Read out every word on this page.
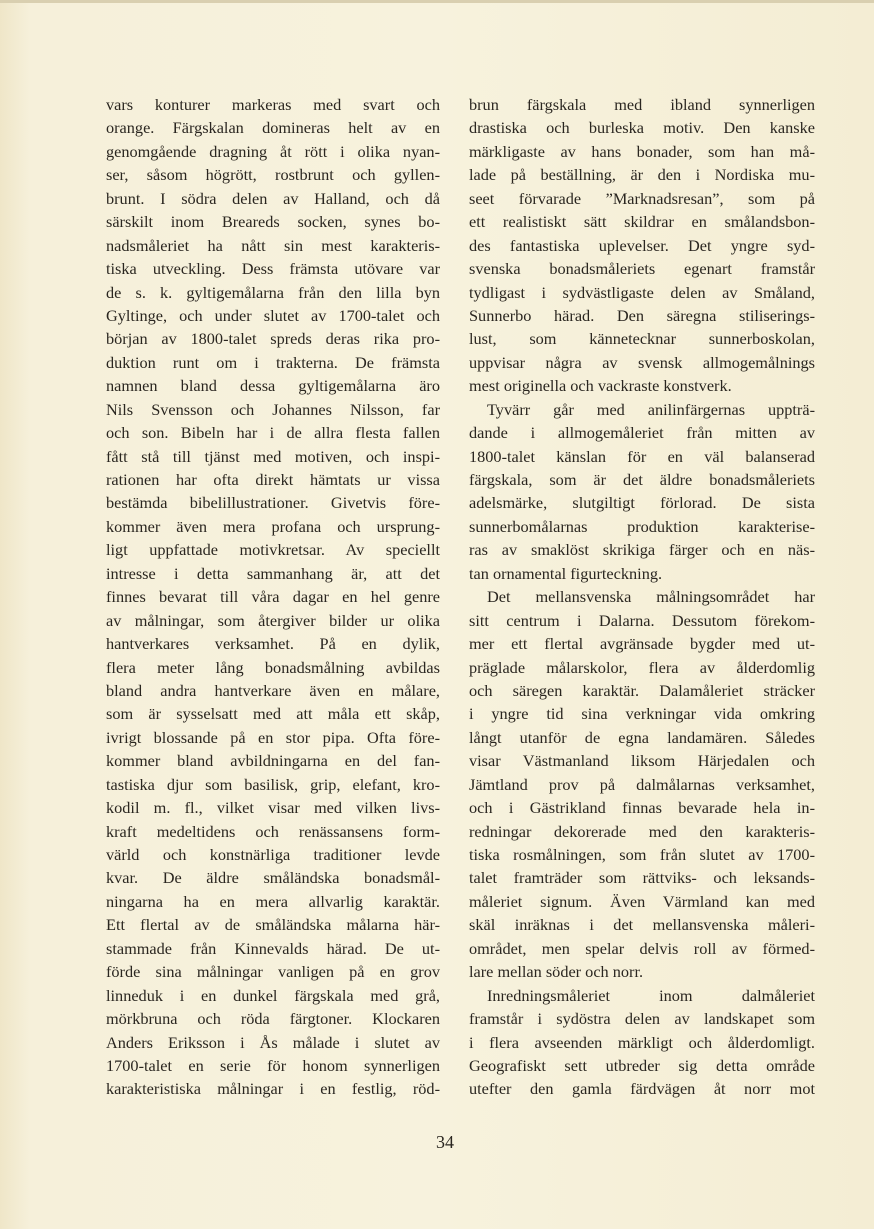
vars konturer markeras med svart och
orange. Färgskalan domineras helt av en
genomgående dragning åt rött i olika nyan-
ser, såsom högrött, rostbrunt och gyllen-
brunt. I södra delen av Halland, och då
särskilt inom Breareds socken, synes bo-
nadsmåleriet ha nått sin mest karakteris-
tiska utveckling. Dess främsta utövare var
de s. k. gyltigemålarna från den lilla byn
Gyltinge, och under slutet av 1700-talet och
början av 1800-talet spreds deras rika pro-
duktion runt om i trakterna. De främsta
namnen bland dessa gyltigemålarna äro
Nils Svensson och Johannes Nilsson, far
och son. Bibeln har i de allra flesta fallen
fått stå till tjänst med motiven, och inspi-
rationen har ofta direkt hämtats ur vissa
bestämda bibelillustrationer. Givetvis före-
kommer även mera profana och ursprung-
ligt uppfattade motivkretsar. Av speciellt
intresse i detta sammanhang är, att det
finnes bevarat till våra dagar en hel genre
av målningar, som återgiver bilder ur olika
hantverkares verksamhet. På en dylik,
flera meter lång bonadsmålning avbildas
bland andra hantverkare även en målare,
som är sysselsatt med att måla ett skåp,
ivrigt blossande på en stor pipa. Ofta före-
kommer bland avbildningarna en del fan-
tastiska djur som basilisk, grip, elefant, kro-
kodil m. fl., vilket visar med vilken livs-
kraft medeltidens och renässansens form-
värld och konstnärliga traditioner levde
kvar. De äldre småländska bonadsmål-
ningarna ha en mera allvarlig karaktär.
Ett flertal av de småländska målarna här-
stammade från Kinnevalds härad. De ut-
förde sina målningar vanligen på en grov
linneduk i en dunkel färgskala med grå,
mörkbruna och röda färgtoner. Klockaren
Anders Eriksson i Ås målade i slutet av
1700-talet en serie för honom synnerligen
karakteristiska målningar i en festlig, röd-
brun färgskala med ibland synnerligen
drastiska och burleska motiv. Den kanske
märkligaste av hans bonader, som han må-
lade på beställning, är den i Nordiska mu-
seet förvarade ”Marknadsresan”, som på
ett realistiskt sätt skildrar en smålandsbon-
des fantastiska uplevelser. Det yngre syd-
svenska bonadsmåleriets egenart framstår
tydligast i sydvästligaste delen av Småland,
Sunnerbo härad. Den säregna stiliserings-
lust, som kännetecknar sunnerboskolan,
uppvisar några av svensk allmogemålnings
mest originella och vackraste konstverk.
Tyvärr går med anilinfärgernas uppträ-
dande i allmogemåleriet från mitten av
1800-talet känslan för en väl balanserad
färgskala, som är det äldre bonadsmåleriets
adelsmärke, slutgiltigt förlorad. De sista
sunnerbomålarnas produktion karakterise-
ras av smaklöst skrikiga färger och en näs-
tan ornamental figurteckning.
Det mellansvenska målningsområdet har
sitt centrum i Dalarna. Dessutom förekom-
mer ett flertal avgränsade bygder med ut-
präglade målarskolor, flera av ålderdomlig
och säregen karaktär. Dalamåleriet sträcker
i yngre tid sina verkningar vida omkring
långt utanför de egna landamären. Således
visar Västmanland liksom Härjedalen och
Jämtland prov på dalmålarnas verksamhet,
och i Gästrikland finnas bevarade hela in-
redningar dekorerade med den karakteris-
tiska rosmålningen, som från slutet av 1700-
talet framträder som rättviks- och leksands-
måleriet signum. Även Värmland kan med
skäl inräknas i det mellansvenska måleri-
området, men spelar delvis roll av förmed-
lare mellan söder och norr.
Inredningsmåleriet inom dalmåleriet
framstår i sydöstra delen av landskapet som
i flera avseenden märkligt och ålderdomligt.
Geografiskt sett utbreder sig detta område
utefter den gamla färdvägen åt norr mot
34
